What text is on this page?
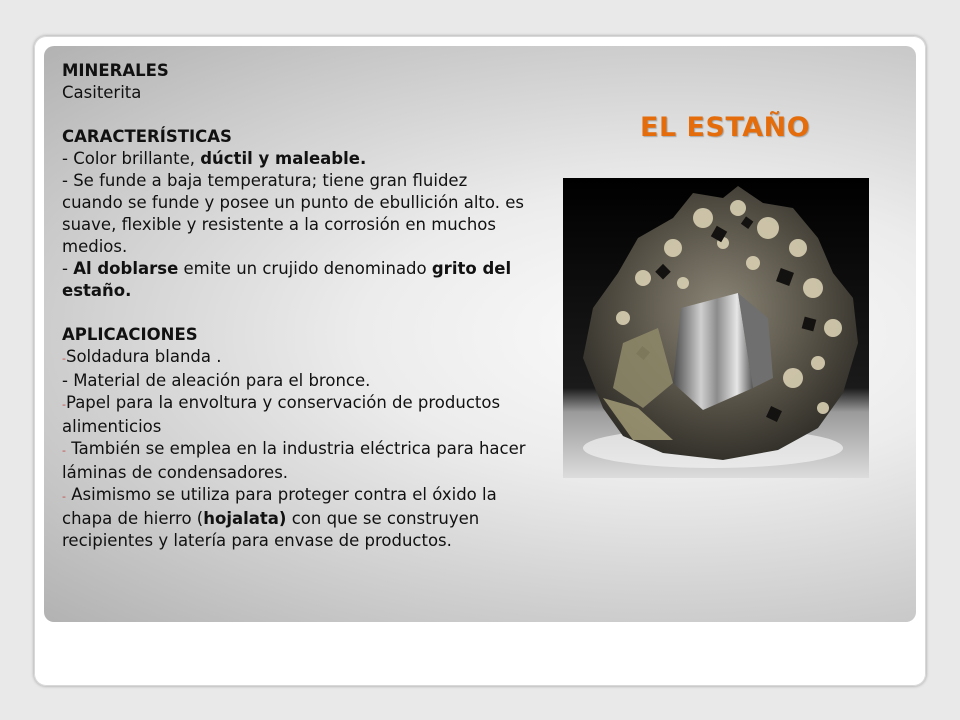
MINERALES

Casiterita

CARACTERÍSTICAS

- Color brillante, dúctil y maleable.

- Se funde a baja temperatura; tiene gran fluidez cuando se funde y posee un punto de ebullición alto. es suave, flexible y resistente a la corrosión en muchos medios.

- Al doblarse emite un crujido denominado grito del estaño.

APLICACIONES

-Soldadura blanda .

- Material de aleación para el bronce.

-Papel para la envoltura y conservación de productos alimenticios

- También se emplea en la industria eléctrica para hacer láminas de condensadores.

- Asimismo se utiliza para proteger contra el óxido la chapa de hierro (hojalata) con que se construyen recipientes y latería para envase de productos.

EL ESTAÑO
